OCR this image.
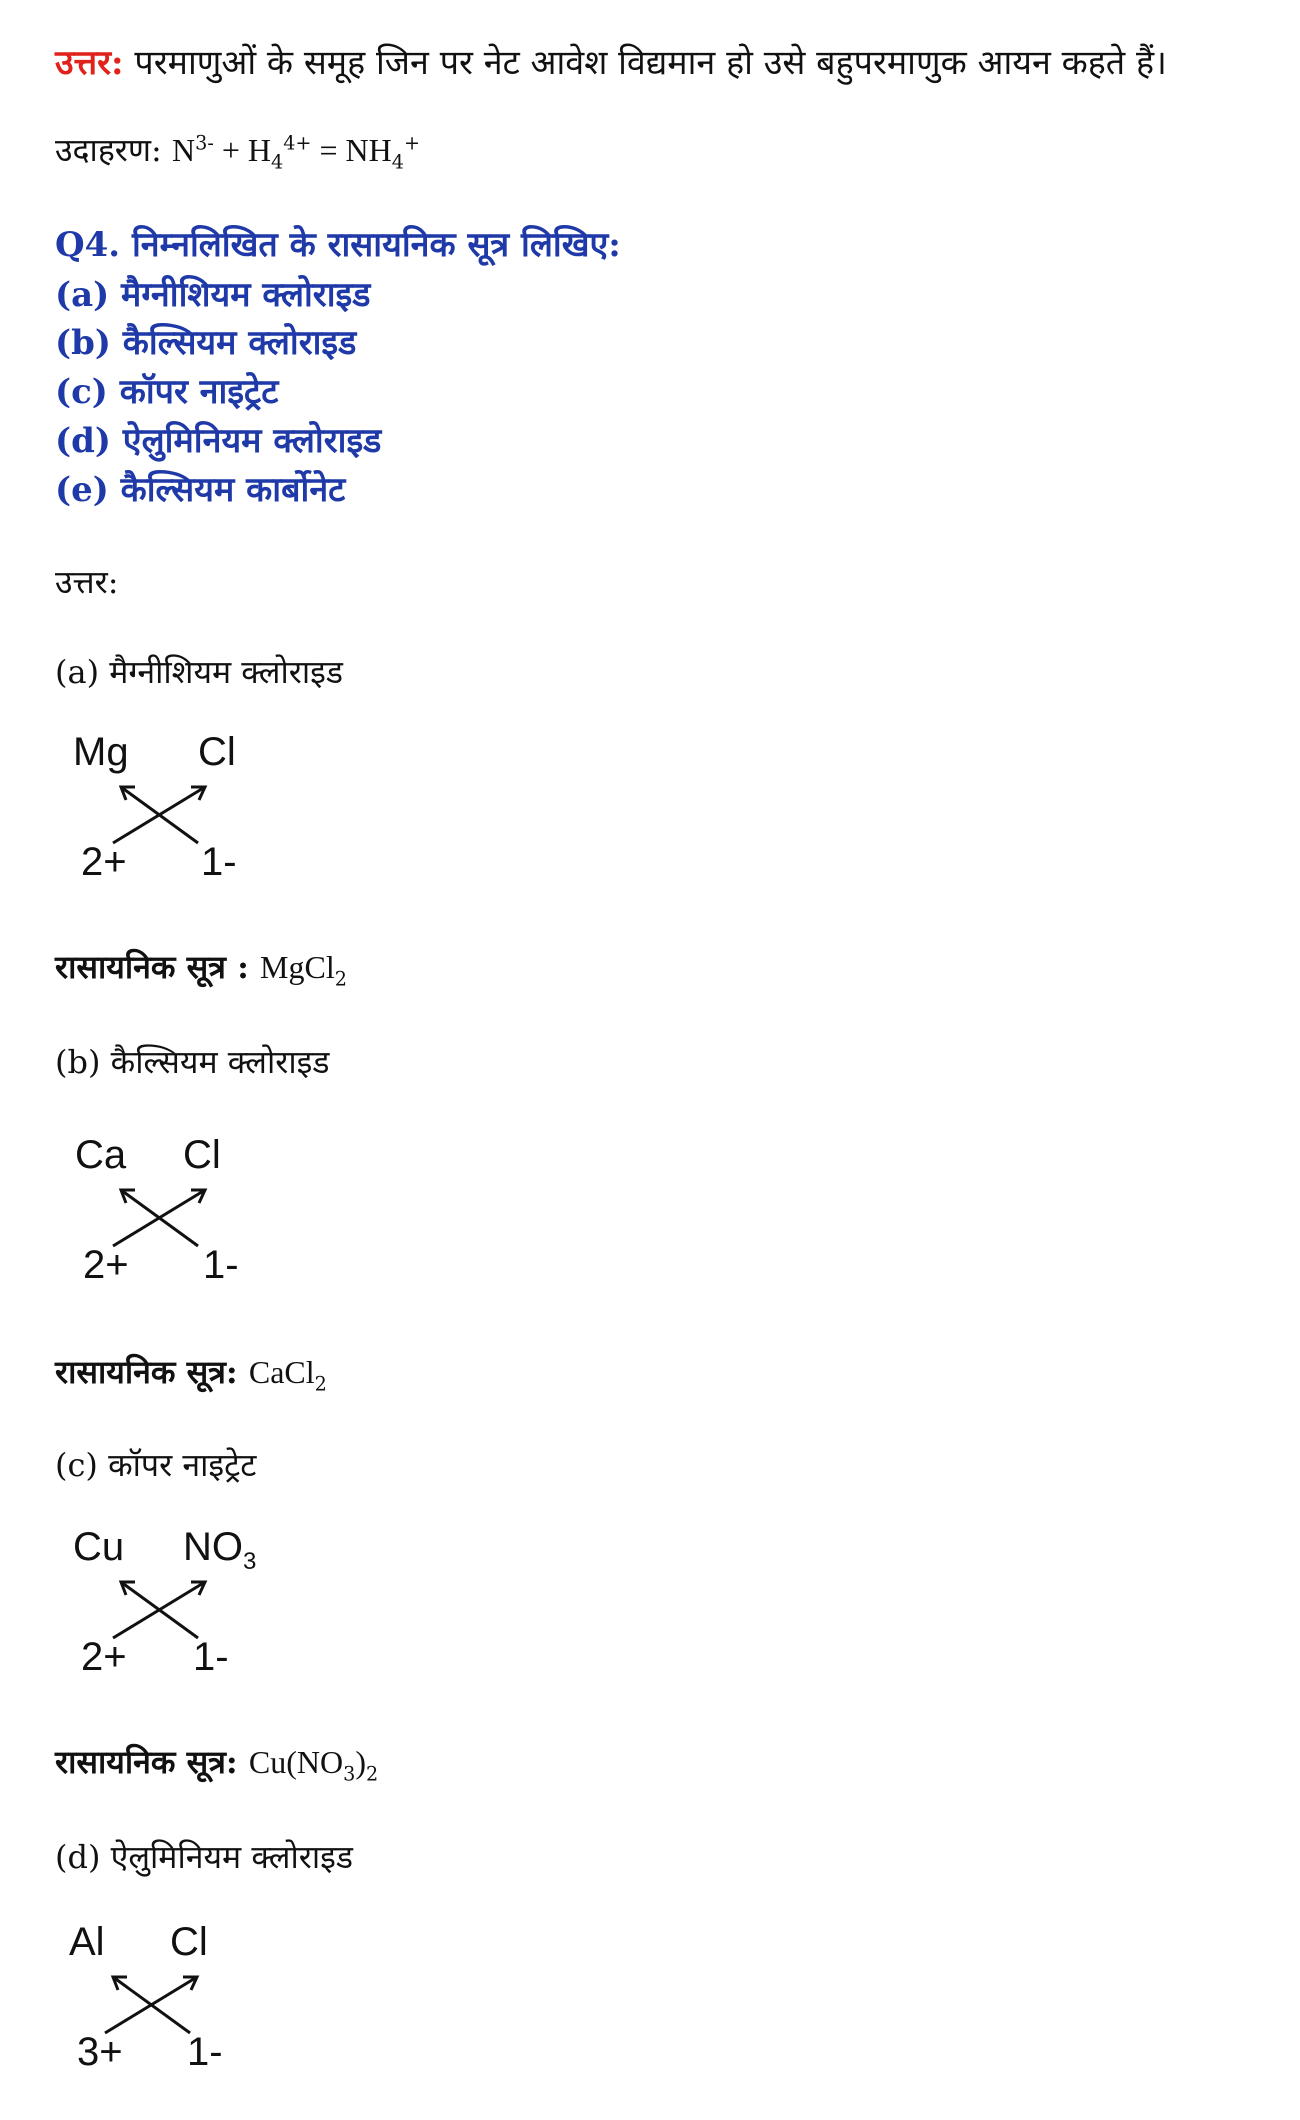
उत्तर: परमाणुओं के समूह जिन पर नेट आवेश विद्यमान हो उसे बहुपरमाणुक आयन कहते हैं।
उदाहरण: $N^{3-} + H_4^{4+} = NH_4^+$
Q4. निम्नलिखित के रासायनिक सूत्र लिखिए:
(a) मैग्नीशियम क्लोराइड
(b) कैल्सियम क्लोराइड
(c) कॉपर नाइट्रेट
(d) ऐलुमिनियम क्लोराइड
(e) कैल्सियम कार्बोनेट
उत्तर:
(a) मैग्नीशियम क्लोराइड
Mg Cl
2+ 1-
रासायनिक सूत्र : MgCl$_2$
(b) कैल्सियम क्लोराइड
Ca Cl
2+ 1-
रासायनिक सूत्र: CaCl$_2$
(c) कॉपर नाइट्रेट
Cu $NO_3$
2+ 1-
रासायनिक सूत्र: $Cu(NO_3)_2$
(d) ऐलुमिनियम क्लोराइड
Al Cl
3+ 1-
